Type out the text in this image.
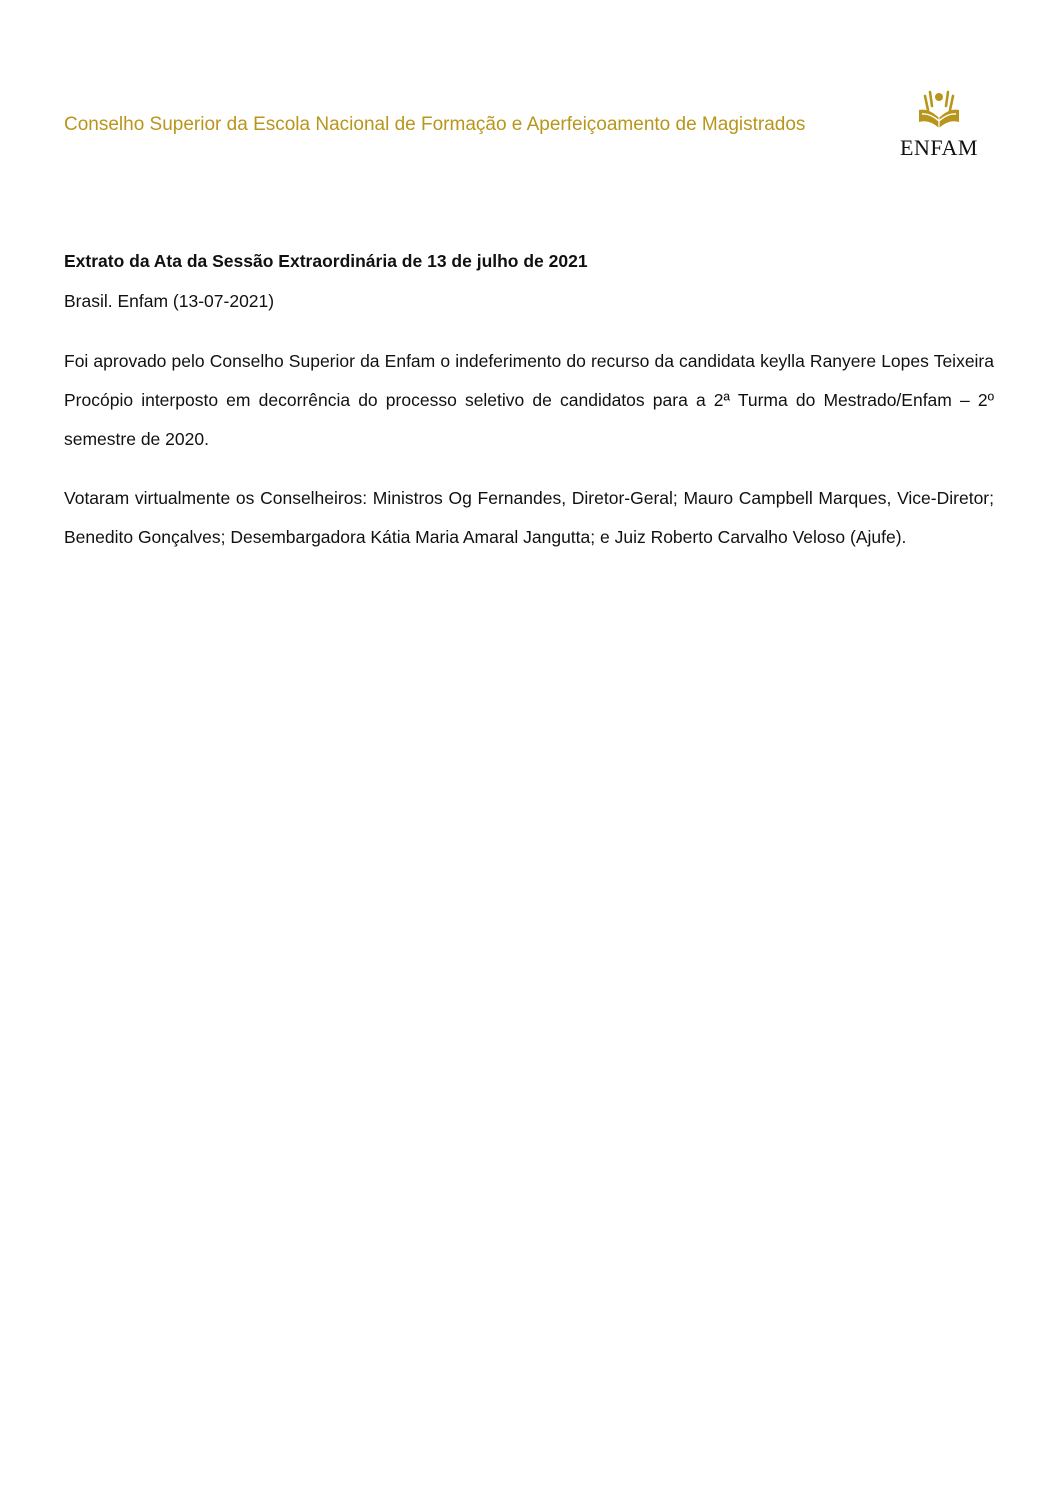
Conselho Superior da Escola Nacional de Formação e Aperfeiçoamento de Magistrados
ENFAM

Extrato da Ata da Sessão Extraordinária de 13 de julho de 2021

Brasil. Enfam (13-07-2021)

Foi aprovado pelo Conselho Superior da Enfam o indeferimento do recurso da candidata keylla Ranyere Lopes Teixeira Procópio interposto em decorrência do processo seletivo de candidatos para a 2ª Turma do Mestrado/Enfam – 2º semestre de 2020.

Votaram virtualmente os Conselheiros: Ministros Og Fernandes, Diretor-Geral; Mauro Campbell Marques, Vice-Diretor; Benedito Gonçalves; Desembargadora Kátia Maria Amaral Jangutta; e Juiz Roberto Carvalho Veloso (Ajufe).
